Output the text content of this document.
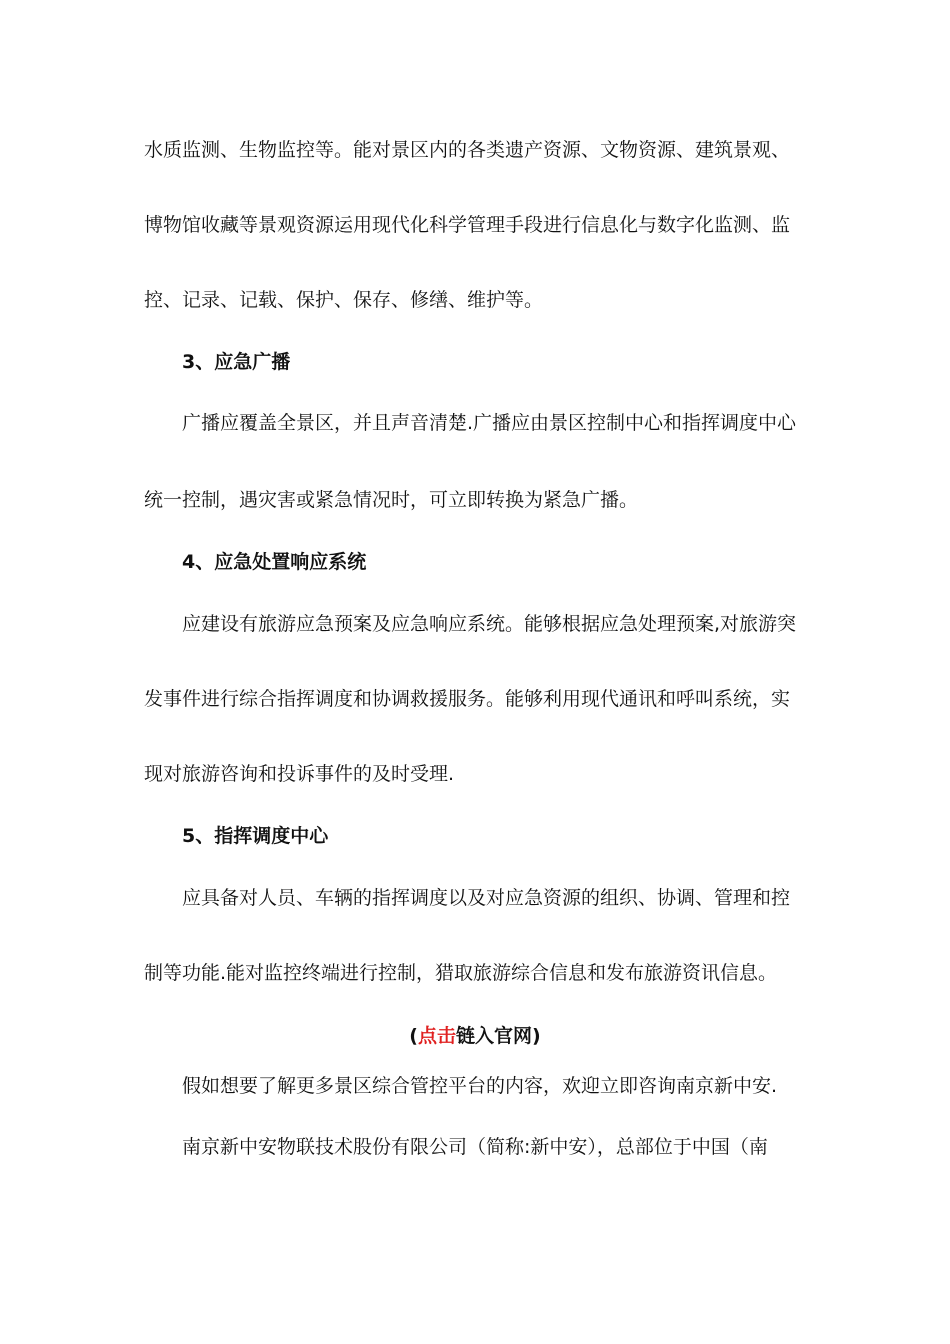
水质监测、生物监控等。能对景区内的各类遗产资源、文物资源、建筑景观、
博物馆收藏等景观资源运用现代化科学管理手段进行信息化与数字化监测、监
控、记录、记载、保护、保存、修缮、维护等。
3、应急广播
广播应覆盖全景区，并且声音清楚.广播应由景区控制中心和指挥调度中心
统一控制，遇灾害或紧急情况时，可立即转换为紧急广播。
4、应急处置响应系统
应建设有旅游应急预案及应急响应系统。能够根据应急处理预案,对旅游突
发事件进行综合指挥调度和协调救援服务。能够利用现代通讯和呼叫系统，实
现对旅游咨询和投诉事件的及时受理.
5、指挥调度中心
应具备对人员、车辆的指挥调度以及对应急资源的组织、协调、管理和控
制等功能.能对监控终端进行控制，猎取旅游综合信息和发布旅游资讯信息。
(点击链入官网)
假如想要了解更多景区综合管控平台的内容，欢迎立即咨询南京新中安.
南京新中安物联技术股份有限公司（简称:新中安），总部位于中国（南
